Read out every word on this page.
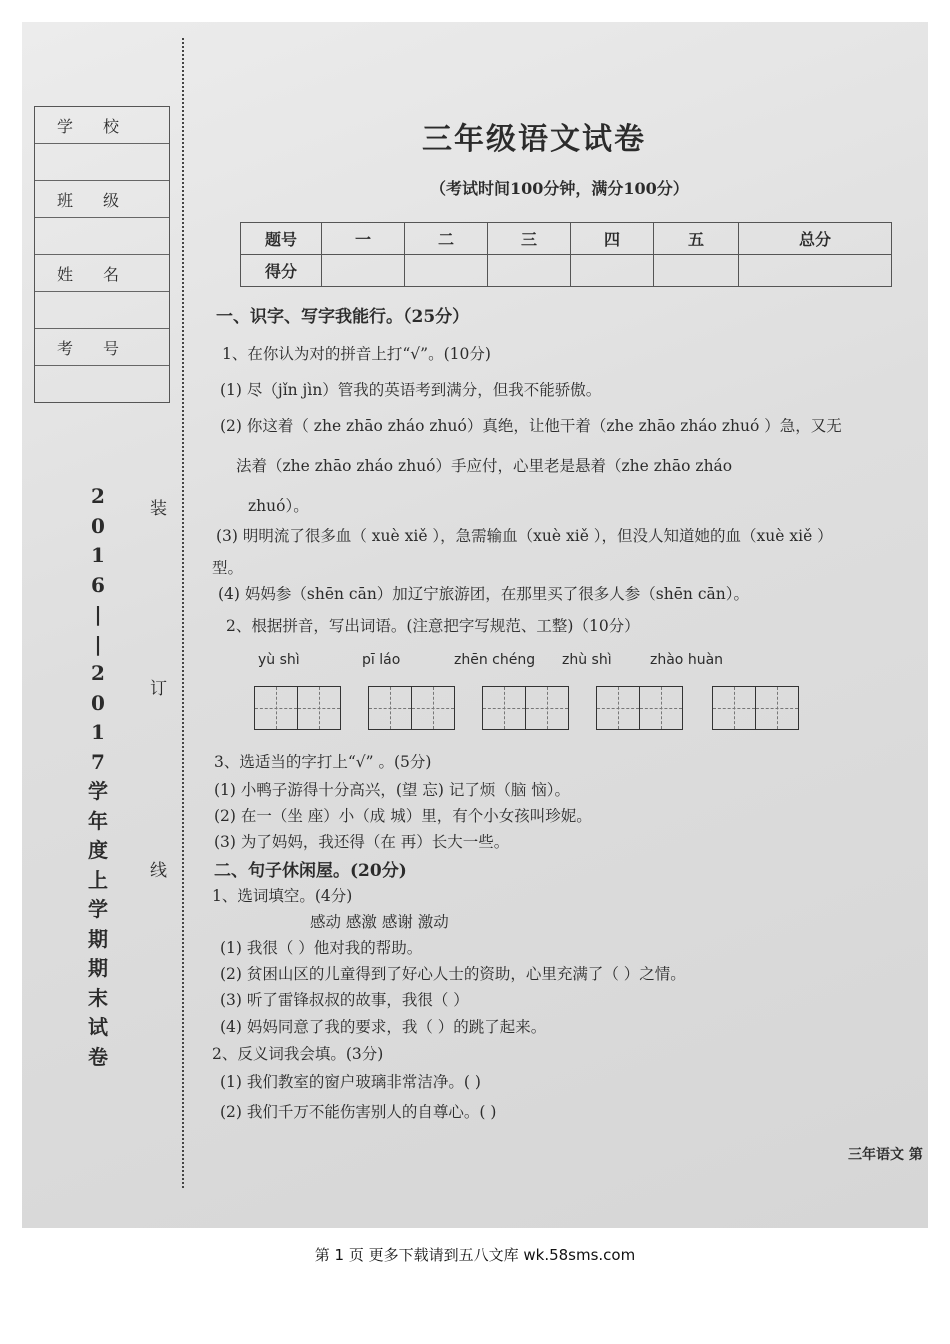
学校
班级
姓名
考号
2
0
1
6
|
|
2
0
1
7
学
年
度
上
学
期
期
末
试
卷
装
订
线
三年级语文试卷
（考试时间100分钟，满分100分）
题号	一	二	三	四	五	总分
得分						
一、识字、写字我能行。（25分）
1、在你认为对的拼音上打“√”。(10分)
(1) 尽（jǐn jìn）管我的英语考到满分，但我不能骄傲。
(2) 你这着（ zhe zhāo zháo zhuó）真绝，让他干着（zhe zhāo zháo zhuó ）急，又无
法着（zhe zhāo zháo zhuó）手应付，心里老是悬着（zhe zhāo zháo
zhuó）。
(3) 明明流了很多血（ xuè xiě ），急需输血（xuè xiě ），但没人知道她的血（xuè xiě ）
型。
(4) 妈妈参（shēn cān）加辽宁旅游团，在那里买了很多人参（shēn cān）。
2、根据拼音，写出词语。(注意把字写规范、工整)（10分）
yù shì	pī láo	zhēn chéng zhù shì	zhào huàn
3、选适当的字打上“√” 。(5分)
(1) 小鸭子游得十分高兴，(望 忘) 记了烦（脑 恼）。
(2) 在一（坐 座）小（成 城）里，有个小女孩叫珍妮。
(3) 为了妈妈，我还得（在 再）长大一些。
二、句子休闲屋。(20分)
1、选词填空。(4分)
感动 感激 感谢 激动
(1) 我很（ ）他对我的帮助。
(2) 贫困山区的儿童得到了好心人士的资助，心里充满了（ ）之情。
(3) 听了雷锋叔叔的故事，我很（ ）
(4) 妈妈同意了我的要求，我（ ）的跳了起来。
2、反义词我会填。(3分)
(1) 我们教室的窗户玻璃非常洁净。( )
(2) 我们千万不能伤害别人的自尊心。( )
三年语文 第
第 1 页 更多下载请到五八文库 wk.58sms.com
